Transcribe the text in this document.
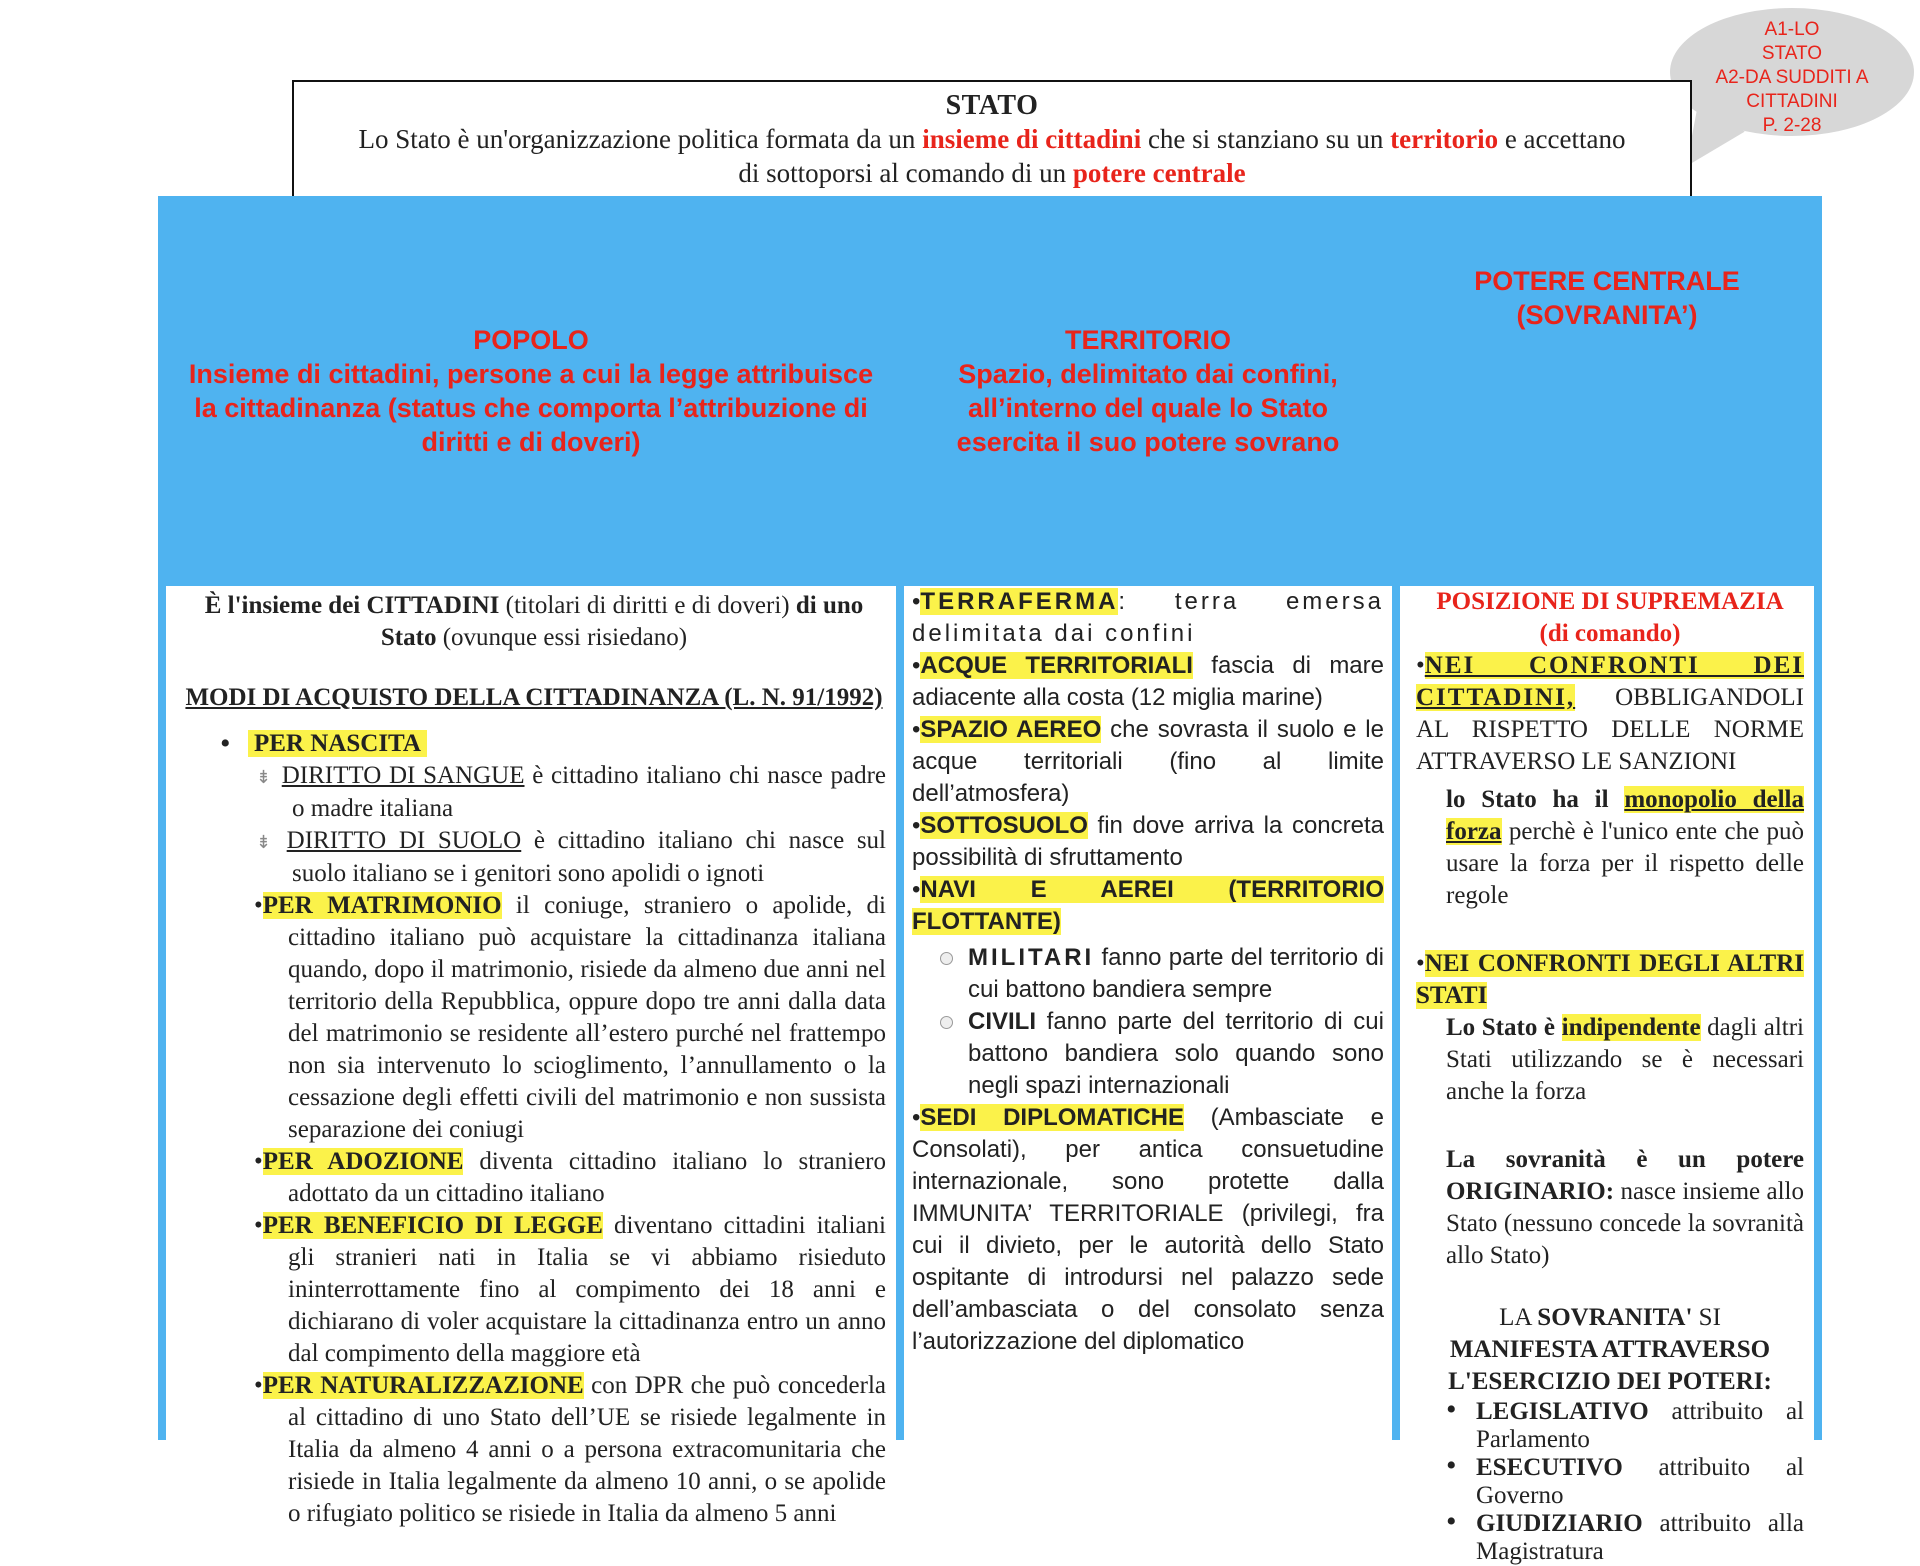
A1-LO
STATO
A2-DA SUDDITI A
CITTADINI
P. 2-28
STATO
Lo Stato è un'organizzazione politica formata da un insieme di cittadini che si stanziano su un territorio e accettano di sottoporsi al comando di un potere centrale
POPOLO
Insieme di cittadini, persone a cui la legge attribuisce la cittadinanza (status che comporta l’attribuzione di diritti e di doveri)
TERRITORIO
Spazio, delimitato dai confini, all’interno del quale lo Stato esercita il suo potere sovrano
POTERE CENTRALE
(SOVRANITA’)

È l'insieme dei CITTADINI (titolari di diritti e di doveri) di uno Stato (ovunque essi risiedano)

MODI DI ACQUISTO DELLA CITTADINANZA (L. N. 91/1992)

• PER NASCITA

⇟ DIRITTO DI SANGUE è cittadino italiano chi nasce padre o madre italiana

⇟ DIRITTO DI SUOLO è cittadino italiano chi nasce sul suolo italiano se i genitori sono apolidi o ignoti

•PER MATRIMONIO il coniuge, straniero o apolide, di cittadino italiano può acquistare la cittadinanza italiana quando, dopo il matrimonio, risiede da almeno due anni nel territorio della Repubblica, oppure dopo tre anni dalla data del matrimonio se residente all’estero purché nel frattempo non sia intervenuto lo scioglimento, l’annullamento o la cessazione degli effetti civili del matrimonio e non sussista separazione dei coniugi

•PER ADOZIONE diventa cittadino italiano lo straniero adottato da un cittadino italiano

•PER BENEFICIO DI LEGGE diventano cittadini italiani gli stranieri nati in Italia se vi abbiamo risieduto ininterrottamente fino al compimento dei 18 anni e dichiarano di voler acquistare la cittadinanza entro un anno dal compimento della maggiore età

•PER NATURALIZZAZIONE con DPR che può concederla al cittadino di uno Stato dell’UE se risiede legalmente in Italia da almeno 4 anni o a persona extracomunitaria che risiede in Italia legalmente da almeno 10 anni, o se apolide o rifugiato politico se risiede in Italia da almeno 5 anni

•TERRAFERMA: terra emersa delimitata dai confini

•ACQUE TERRITORIALI fascia di mare adiacente alla costa (12 miglia marine)

•SPAZIO AEREO che sovrasta il suolo e le acque territoriali (fino al limite dell’atmosfera)

•SOTTOSUOLO fin dove arriva la concreta possibilità di sfruttamento

•NAVI E AEREI (TERRITORIO FLOTTANTE)

MILITARI fanno parte del territorio di cui battono bandiera sempre

CIVILI fanno parte del territorio di cui battono bandiera solo quando sono negli spazi internazionali

•SEDI DIPLOMATICHE (Ambasciate e Consolati), per antica consuetudine internazionale, sono protette dalla IMMUNITA’ TERRITORIALE (privilegi, fra cui il divieto, per le autorità dello Stato ospitante di introdursi nel palazzo sede dell’ambasciata o del consolato senza l’autorizzazione del diplomatico

POSIZIONE DI SUPREMAZIA

(di comando)

•NEI CONFRONTI DEI CITTADINI, OBBLIGANDOLI AL RISPETTO DELLE NORME ATTRAVERSO LE SANZIONI

lo Stato ha il monopolio della forza perchè è l'unico ente che può usare la forza per il rispetto delle regole

•NEI CONFRONTI DEGLI ALTRI STATI

Lo Stato è indipendente dagli altri Stati utilizzando se è necessari anche la forza

La sovranità è un potere ORIGINARIO: nasce insieme allo Stato (nessuno concede la sovranità allo Stato)

LA SOVRANITA' SI
MANIFESTA ATTRAVERSO L'ESERCIZIO DEI POTERI:

• LEGISLATIVO attribuito al Parlamento
• ESECUTIVO attribuito al Governo
• GIUDIZIARIO attribuito alla Magistratura
